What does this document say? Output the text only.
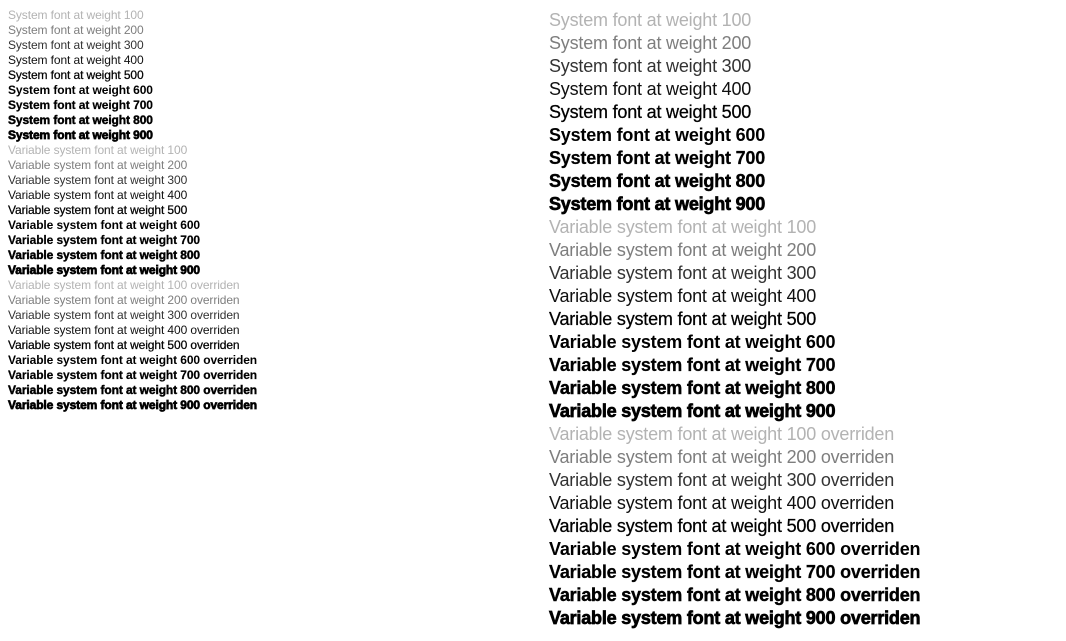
System font at weight 100
System font at weight 200
System font at weight 300
System font at weight 400
System font at weight 500
System font at weight 600
System font at weight 700
System font at weight 800
System font at weight 900
Variable system font at weight 100
Variable system font at weight 200
Variable system font at weight 300
Variable system font at weight 400
Variable system font at weight 500
Variable system font at weight 600
Variable system font at weight 700
Variable system font at weight 800
Variable system font at weight 900
Variable system font at weight 100 overriden
Variable system font at weight 200 overriden
Variable system font at weight 300 overriden
Variable system font at weight 400 overriden
Variable system font at weight 500 overriden
Variable system font at weight 600 overriden
Variable system font at weight 700 overriden
Variable system font at weight 800 overriden
Variable system font at weight 900 overriden
System font at weight 100
System font at weight 200
System font at weight 300
System font at weight 400
System font at weight 500
System font at weight 600
System font at weight 700
System font at weight 800
System font at weight 900
Variable system font at weight 100
Variable system font at weight 200
Variable system font at weight 300
Variable system font at weight 400
Variable system font at weight 500
Variable system font at weight 600
Variable system font at weight 700
Variable system font at weight 800
Variable system font at weight 900
Variable system font at weight 100 overriden
Variable system font at weight 200 overriden
Variable system font at weight 300 overriden
Variable system font at weight 400 overriden
Variable system font at weight 500 overriden
Variable system font at weight 600 overriden
Variable system font at weight 700 overriden
Variable system font at weight 800 overriden
Variable system font at weight 900 overriden
